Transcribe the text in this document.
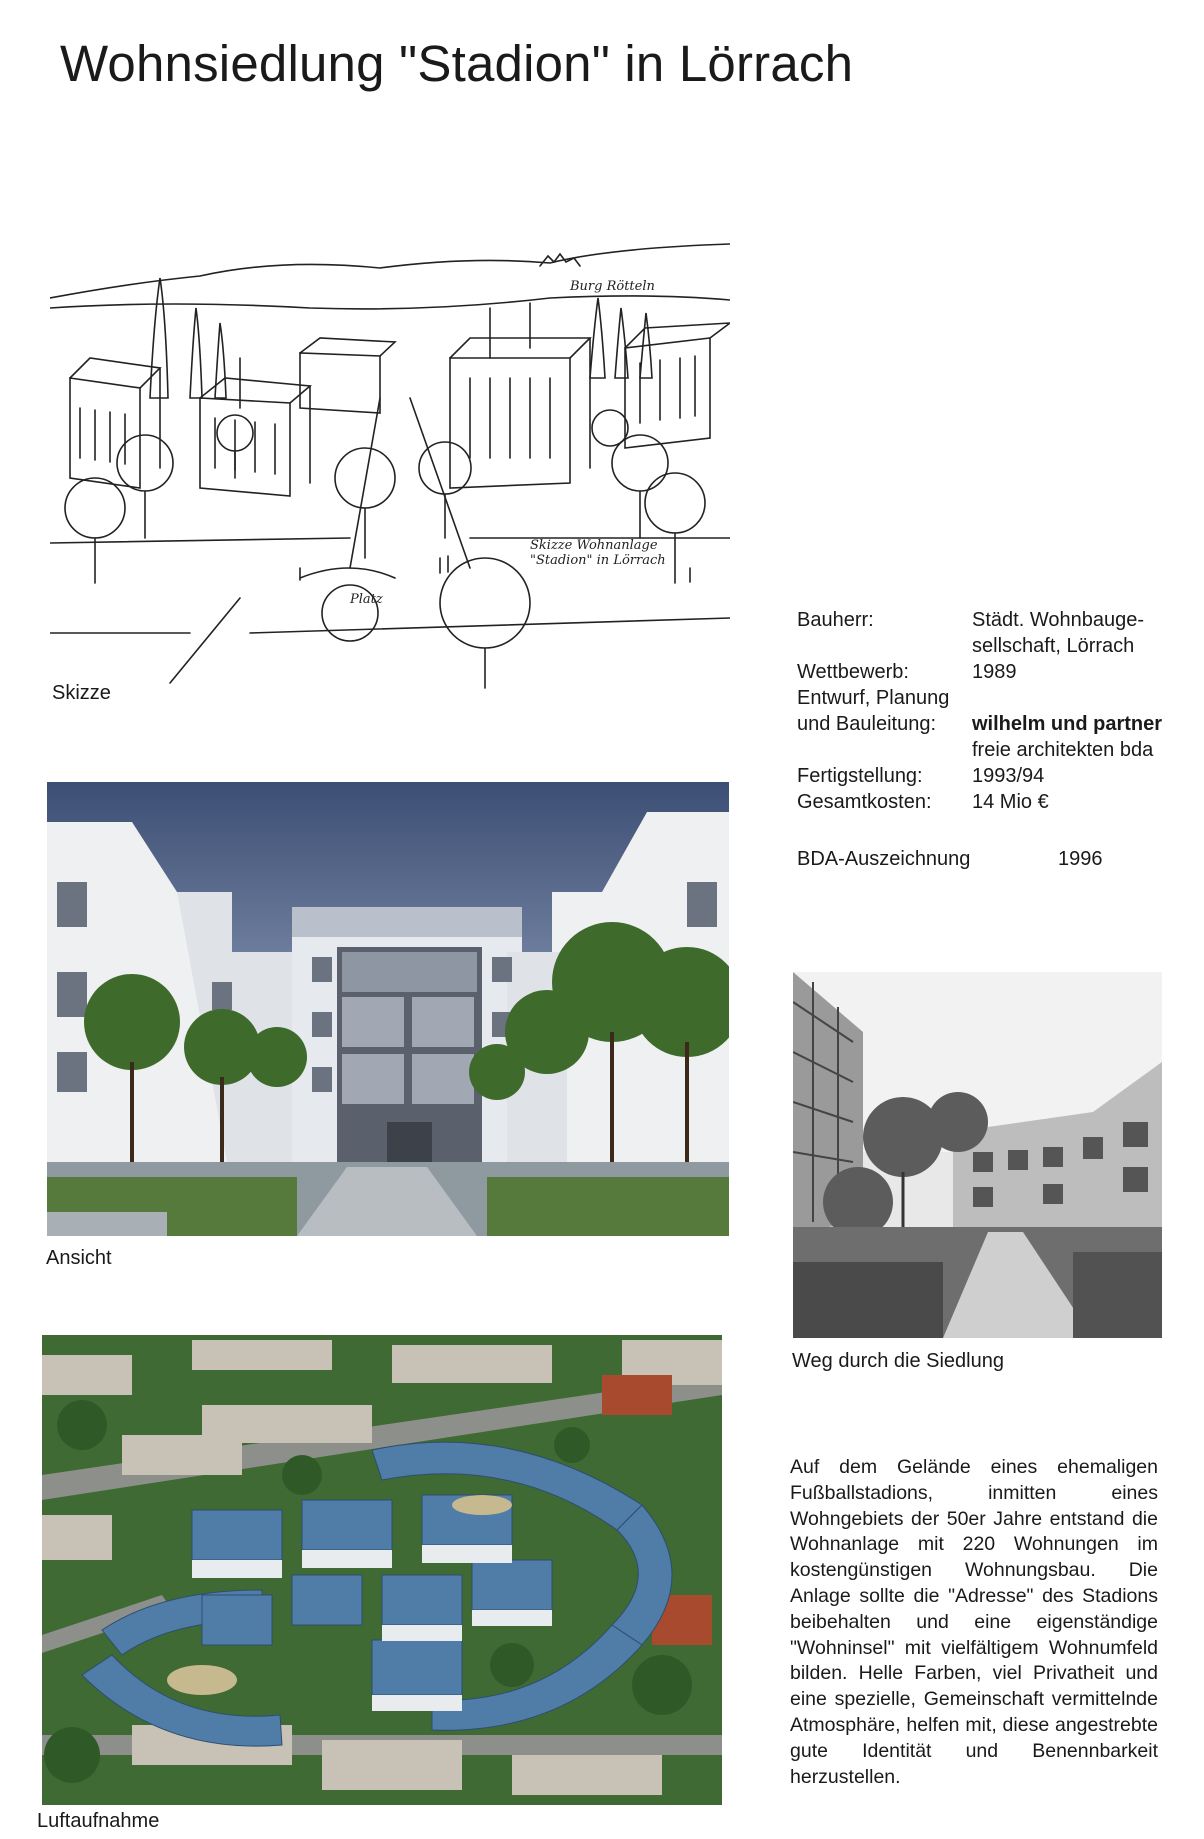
Wohnsiedlung "Stadion" in Lörrach
Burg Rötteln
Platz
Skizze Wohnanlage "Stadion" in Lörrach
Skizze
Ansicht
Weg durch die Siedlung
Luftaufnahme
Bauherr:	Städt. Wohnbauge-
sellschaft, Lörrach
Wettbewerb:	1989
Entwurf, Planung
und Bauleitung:	wilhelm und partner
freie architekten bda
Fertigstellung:	1993/94
Gesamtkosten:	14 Mio €
BDA-Auszeichnung	1996
Auf dem Gelände eines ehemaligen Fußballstadions, inmitten eines Wohngebiets der 50er Jahre entstand die Wohnanlage mit 220 Wohnungen im kostengünstigen Wohnungsbau. Die Anlage sollte die "Adresse" des Stadions beibehalten und eine eigenständige "Wohninsel" mit vielfältigem Wohnumfeld bilden. Helle Farben, viel Privatheit und eine spezielle, Gemeinschaft vermittelnde Atmosphäre, helfen mit, diese angestrebte gute Identität und Benennbarkeit herzustellen.
